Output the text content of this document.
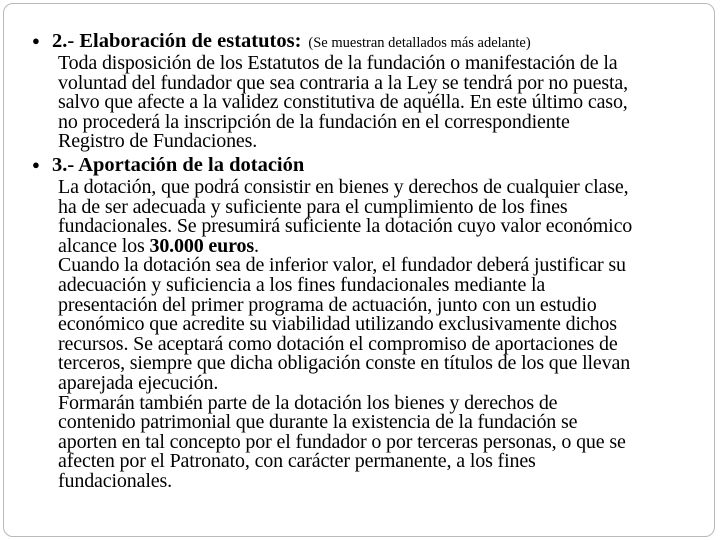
● 2.- Elaboración de estatutos: (Se muestran detallados más adelante)
Toda disposición de los Estatutos de la fundación o manifestación de la
voluntad del fundador que sea contraria a la Ley se tendrá por no puesta,
salvo que afecte a la validez constitutiva de aquélla. En este último caso,
no procederá la inscripción de la fundación en el correspondiente
Registro de Fundaciones.
● 3.- Aportación de la dotación
La dotación, que podrá consistir en bienes y derechos de cualquier clase,
ha de ser adecuada y suficiente para el cumplimiento de los fines
fundacionales. Se presumirá suficiente la dotación cuyo valor económico
alcance los 30.000 euros.
Cuando la dotación sea de inferior valor, el fundador deberá justificar su
adecuación y suficiencia a los fines fundacionales mediante la
presentación del primer programa de actuación, junto con un estudio
económico que acredite su viabilidad utilizando exclusivamente dichos
recursos. Se aceptará como dotación el compromiso de aportaciones de
terceros, siempre que dicha obligación conste en títulos de los que llevan
aparejada ejecución.
Formarán también parte de la dotación los bienes y derechos de
contenido patrimonial que durante la existencia de la fundación se
aporten en tal concepto por el fundador o por terceras personas, o que se
afecten por el Patronato, con carácter permanente, a los fines
fundacionales.
